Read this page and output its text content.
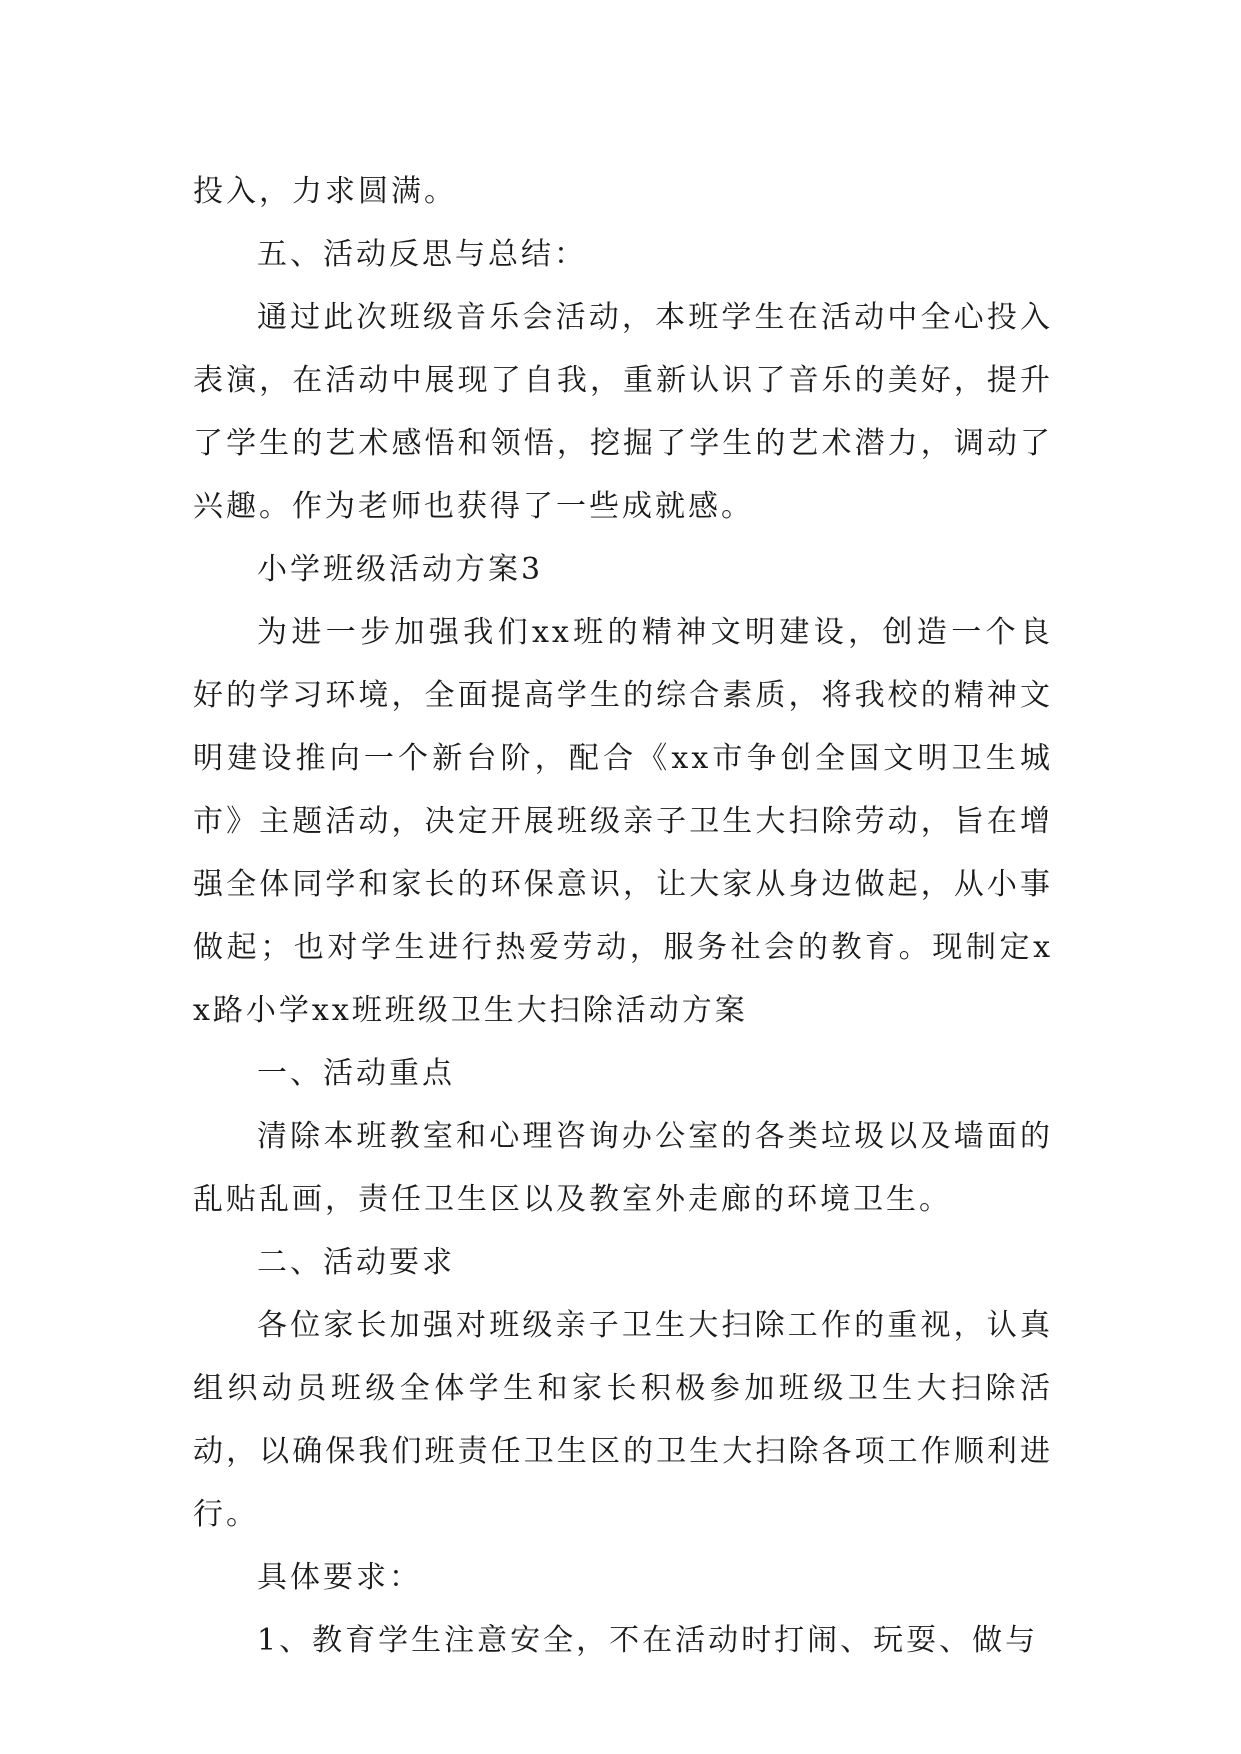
投入，力求圆满。

五、活动反思与总结：

通过此次班级音乐会活动，本班学生在活动中全心投入表演，在活动中展现了自我，重新认识了音乐的美好，提升了学生的艺术感悟和领悟，挖掘了学生的艺术潜力，调动了兴趣。作为老师也获得了一些成就感。

小学班级活动方案3

为进一步加强我们xx班的精神文明建设，创造一个良好的学习环境，全面提高学生的综合素质，将我校的精神文明建设推向一个新台阶，配合《xx市争创全国文明卫生城市》主题活动，决定开展班级亲子卫生大扫除劳动，旨在增强全体同学和家长的环保意识，让大家从身边做起，从小事做起；也对学生进行热爱劳动，服务社会的教育。现制定xx路小学xx班班级卫生大扫除活动方案

一、活动重点

清除本班教室和心理咨询办公室的各类垃圾以及墙面的乱贴乱画，责任卫生区以及教室外走廊的环境卫生。

二、活动要求

各位家长加强对班级亲子卫生大扫除工作的重视，认真组织动员班级全体学生和家长积极参加班级卫生大扫除活动，以确保我们班责任卫生区的卫生大扫除各项工作顺利进行。

具体要求：

1、教育学生注意安全，不在活动时打闹、玩耍、做与
